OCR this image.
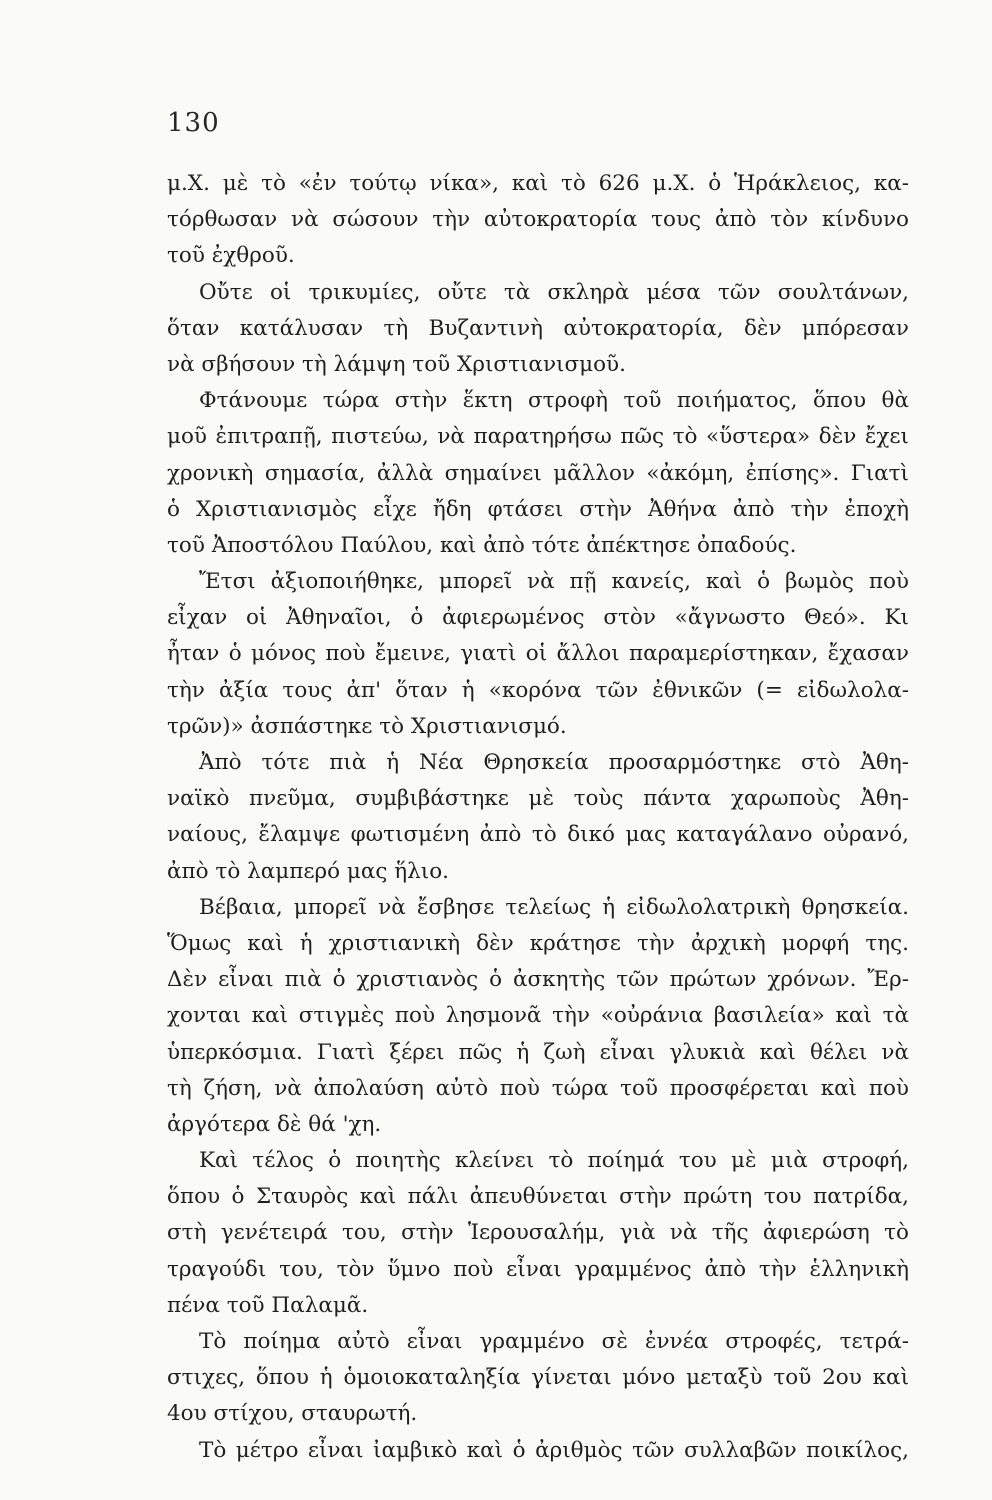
130

μ.Χ. μὲ τὸ «ἐν τούτῳ νίκα», καὶ τὸ 626 μ.Χ. ὁ Ἡράκλειος, κα-
τόρθωσαν νὰ σώσουν τὴν αὐτοκρατορία τους ἀπὸ τὸν κίνδυνο
τοῦ ἐχθροῦ.
Οὔτε οἱ τρικυμίες, οὔτε τὰ σκληρὰ μέσα τῶν σουλτάνων,
ὅταν κατάλυσαν τὴ Βυζαντινὴ αὐτοκρατορία, δὲν μπόρεσαν
νὰ σβήσουν τὴ λάμψη τοῦ Χριστιανισμοῦ.
Φτάνουμε τώρα στὴν ἕκτη στροφὴ τοῦ ποιήματος, ὅπου θὰ
μοῦ ἐπιτραπῇ, πιστεύω, νὰ παρατηρήσω πῶς τὸ «ὕστερα» δὲν ἔχει
χρονικὴ σημασία, ἀλλὰ σημαίνει μᾶλλον «ἀκόμη, ἐπίσης». Γιατὶ
ὁ Χριστιανισμὸς εἶχε ἤδη φτάσει στὴν Ἀθήνα ἀπὸ τὴν ἐποχὴ
τοῦ Ἀποστόλου Παύλου, καὶ ἀπὸ τότε ἀπέκτησε ὀπαδούς.
Ἔτσι ἀξιοποιήθηκε, μπορεῖ νὰ πῇ κανείς, καὶ ὁ βωμὸς ποὺ
εἶχαν οἱ Ἀθηναῖοι, ὁ ἀφιερωμένος στὸν «ἄγνωστο Θεό». Κι
ἦταν ὁ μόνος ποὺ ἔμεινε, γιατὶ οἱ ἄλλοι παραμερίστηκαν, ἔχασαν
τὴν ἀξία τους ἀπ' ὅταν ἡ «κορόνα τῶν ἐθνικῶν (= εἰδωλολα-
τρῶν)» ἀσπάστηκε τὸ Χριστιανισμό.
Ἀπὸ τότε πιὰ ἡ Νέα Θρησκεία προσαρμόστηκε στὸ Ἀθη-
ναϊκὸ πνεῦμα, συμβιβάστηκε μὲ τοὺς πάντα χαρωποὺς Ἀθη-
ναίους, ἔλαμψε φωτισμένη ἀπὸ τὸ δικό μας καταγάλανο οὐρανό,
ἀπὸ τὸ λαμπερό μας ἥλιο.
Βέβαια, μπορεῖ νὰ ἔσβησε τελείως ἡ εἰδωλολατρικὴ θρησκεία.
Ὅμως καὶ ἡ χριστιανικὴ δὲν κράτησε τὴν ἀρχικὴ μορφή της.
Δὲν εἶναι πιὰ ὁ χριστιανὸς ὁ ἀσκητὴς τῶν πρώτων χρόνων. Ἔρ-
χονται καὶ στιγμὲς ποὺ λησμονᾶ τὴν «οὐράνια βασιλεία» καὶ τὰ
ὑπερκόσμια. Γιατὶ ξέρει πῶς ἡ ζωὴ εἶναι γλυκιὰ καὶ θέλει νὰ
τὴ ζήση, νὰ ἀπολαύση αὐτὸ ποὺ τώρα τοῦ προσφέρεται καὶ ποὺ
ἀργότερα δὲ θά 'χη.
Καὶ τέλος ὁ ποιητὴς κλείνει τὸ ποίημά του μὲ μιὰ στροφή,
ὅπου ὁ Σταυρὸς καὶ πάλι ἀπευθύνεται στὴν πρώτη του πατρίδα,
στὴ γενέτειρά του, στὴν Ἱερουσαλήμ, γιὰ νὰ τῆς ἀφιερώση τὸ
τραγούδι του, τὸν ὕμνο ποὺ εἶναι γραμμένος ἀπὸ τὴν ἑλληνικὴ
πένα τοῦ Παλαμᾶ.
Τὸ ποίημα αὐτὸ εἶναι γραμμένο σὲ ἐννέα στροφές, τετρά-
στιχες, ὅπου ἡ ὁμοιοκαταληξία γίνεται μόνο μεταξὺ τοῦ 2ου καὶ
4ου στίχου, σταυρωτή.
Τὸ μέτρο εἶναι ἰαμβικὸ καὶ ὁ ἀριθμὸς τῶν συλλαβῶν ποικίλος,
